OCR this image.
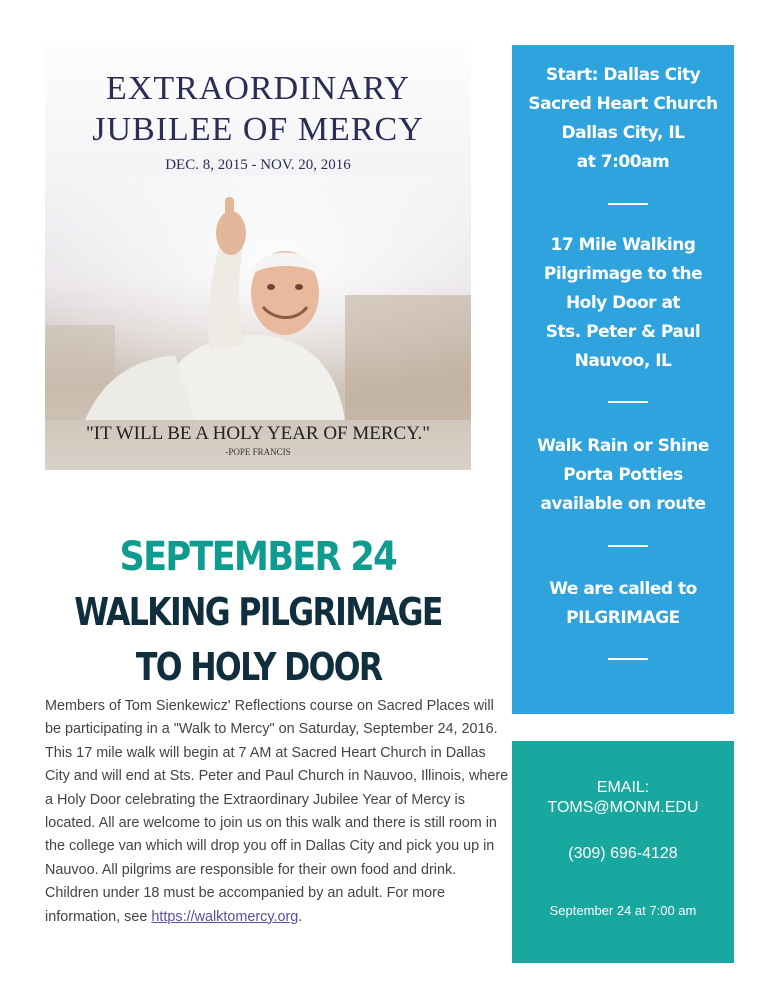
EXTRAORDINARY
JUBILEE OF MERCY
DEC. 8, 2015 - NOV. 20, 2016
"IT WILL BE A HOLY YEAR OF MERCY."
-POPE FRANCIS
Start: Dallas City
Sacred Heart Church
Dallas City, IL
at 7:00am
17 Mile Walking
Pilgrimage to the
Holy Door at
Sts. Peter & Paul
Nauvoo, IL
Walk Rain or Shine
Porta Potties
available on route
We are called to
PILGRIMAGE
SEPTEMBER 24
WALKING PILGRIMAGE
TO HOLY DOOR
Members of Tom Sienkewicz' Reflections course on Sacred Places will be participating in a "Walk to Mercy" on Saturday, September 24, 2016. This 17 mile walk will begin at 7 AM at Sacred Heart Church in Dallas City and will end at Sts. Peter and Paul Church in Nauvoo, Illinois, where a Holy Door celebrating the Extraordinary Jubilee Year of Mercy is located. All are welcome to join us on this walk and there is still room in the college van which will drop you off in Dallas City and pick you up in Nauvoo. All pilgrims are responsible for their own food and drink. Children under 18 must be accompanied by an adult. For more information, see https://walktomercy.org.
EMAIL:
TOMS@MONM.EDU
(309) 696-4128
September 24 at 7:00 am
